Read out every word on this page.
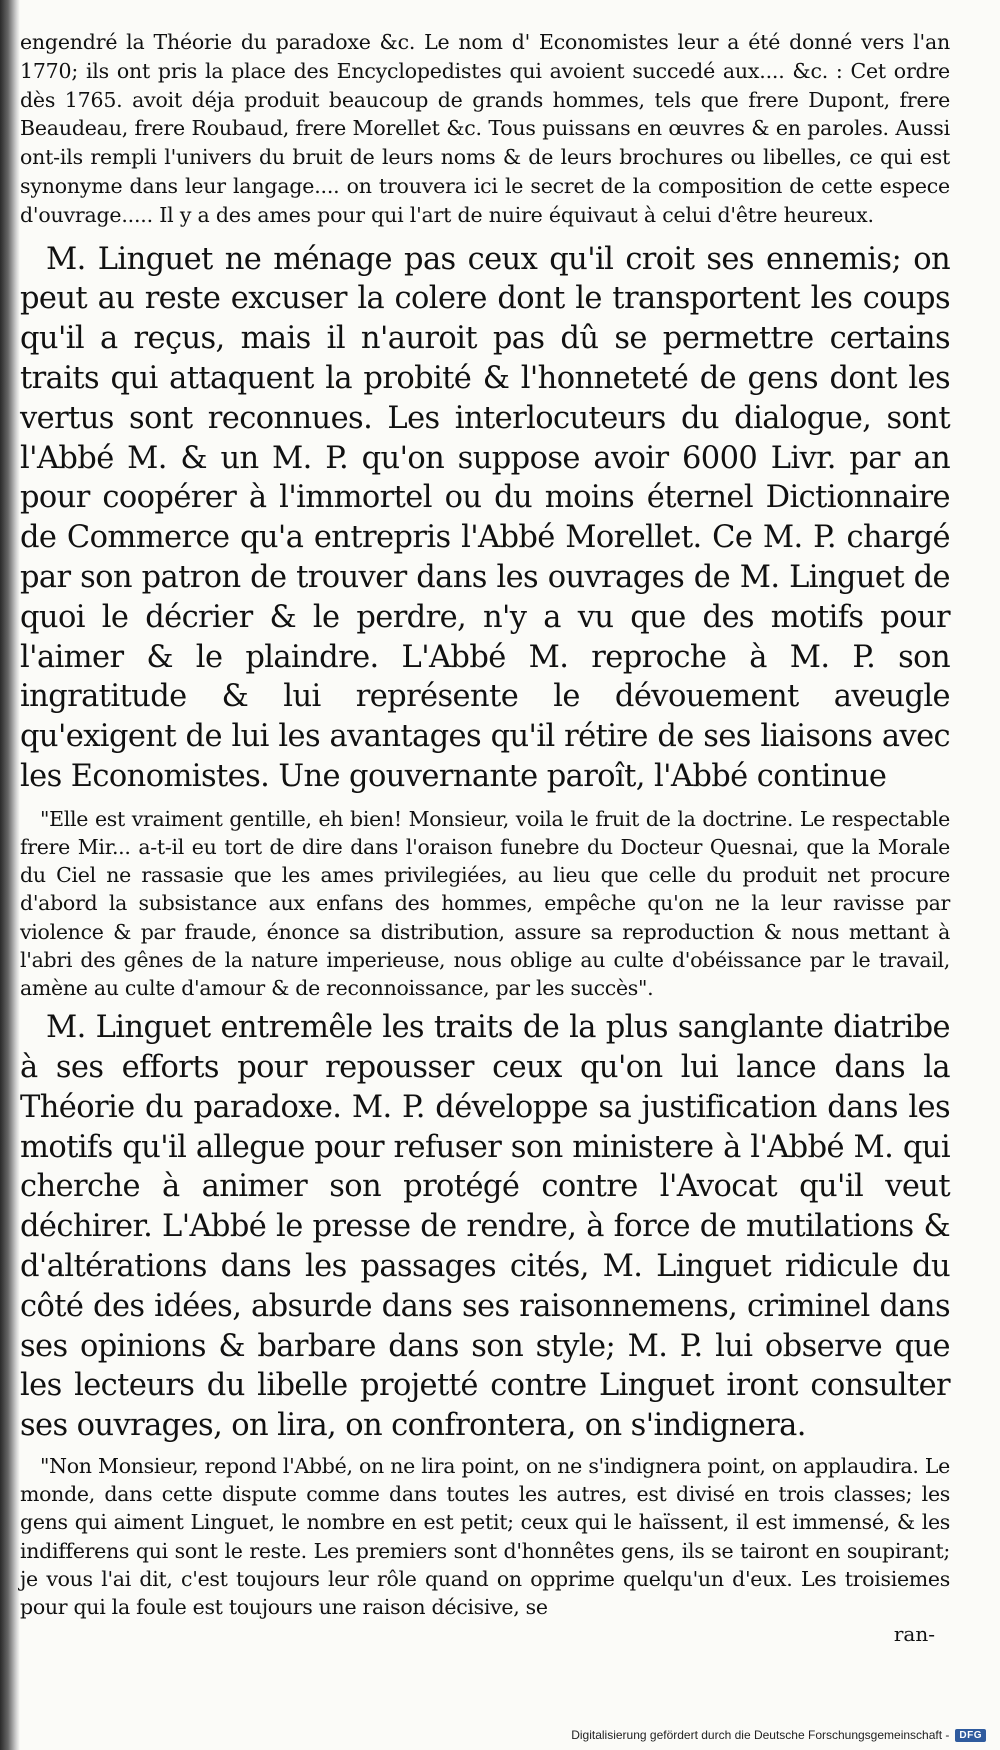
engendré la Théorie du paradoxe &c. Le nom d' Economistes leur a été donné vers l'an 1770; ils ont pris la place des Encyclopedistes qui avoient succedé aux.... &c. : Cet ordre dès 1765. avoit déja produit beaucoup de grands hommes, tels que frere Dupont, frere Beaudeau, frere Roubaud, frere Morellet &c. Tous puissans en œuvres & en paroles. Aussi ont-ils rempli l'univers du bruit de leurs noms & de leurs brochures ou libelles, ce qui est synonyme dans leur langage.... on trouvera ici le secret de la composition de cette espece d'ouvrage..... Il y a des ames pour qui l'art de nuire équivaut à celui d'être heureux.

M. Linguet ne ménage pas ceux qu'il croit ses ennemis; on peut au reste excuser la colere dont le transportent les coups qu'il a reçus, mais il n'auroit pas dû se permettre certains traits qui attaquent la probité & l'honneteté de gens dont les vertus sont reconnues. Les interlocuteurs du dialogue, sont l'Abbé M. & un M. P. qu'on suppose avoir 6000 Livr. par an pour coopérer à l'immortel ou du moins éternel Dictionnaire de Commerce qu'a entrepris l'Abbé Morellet. Ce M. P. chargé par son patron de trouver dans les ouvrages de M. Linguet de quoi le décrier & le perdre, n'y a vu que des motifs pour l'aimer & le plaindre. L'Abbé M. reproche à M. P. son ingratitude & lui représente le dévouement aveugle qu'exigent de lui les avantages qu'il rétire de ses liaisons avec les Economistes. Une gouvernante paroît, l'Abbé continue

"Elle est vraiment gentille, eh bien! Monsieur, voila le fruit de la doctrine. Le respectable frere Mir... a-t-il eu tort de dire dans l'oraison funebre du Docteur Quesnai, que la Morale du Ciel ne rassasie que les ames privilegiées, au lieu que celle du produit net procure d'abord la subsistance aux enfans des hommes, empêche qu'on ne la leur ravisse par violence & par fraude, énonce sa distribution, assure sa reproduction & nous mettant à l'abri des gênes de la nature imperieuse, nous oblige au culte d'obéissance par le travail, amène au culte d'amour & de reconnoissance, par les succès".

M. Linguet entremêle les traits de la plus sanglante diatribe à ses efforts pour repousser ceux qu'on lui lance dans la Théorie du paradoxe. M. P. développe sa justification dans les motifs qu'il allegue pour refuser son ministere à l'Abbé M. qui cherche à animer son protégé contre l'Avocat qu'il veut déchirer. L'Abbé le presse de rendre, à force de mutilations & d'altérations dans les passages cités, M. Linguet ridicule du côté des idées, absurde dans ses raisonnemens, criminel dans ses opinions & barbare dans son style; M. P. lui observe que les lecteurs du libelle projetté contre Linguet iront consulter ses ouvrages, on lira, on confrontera, on s'indignera.

"Non Monsieur, repond l'Abbé, on ne lira point, on ne s'indignera point, on applaudira. Le monde, dans cette dispute comme dans toutes les autres, est divisé en trois classes; les gens qui aiment Linguet, le nombre en est petit; ceux qui le haïssent, il est immensé, & les indifferens qui sont le reste. Les premiers sont d'honnêtes gens, ils se tairont en soupirant; je vous l'ai dit, c'est toujours leur rôle quand on opprime quelqu'un d'eux. Les troisiemes pour qui la foule est toujours une raison décisive, se

ran-

Digitalisierung gefördert durch die Deutsche Forschungsgemeinschaft -	DFG
